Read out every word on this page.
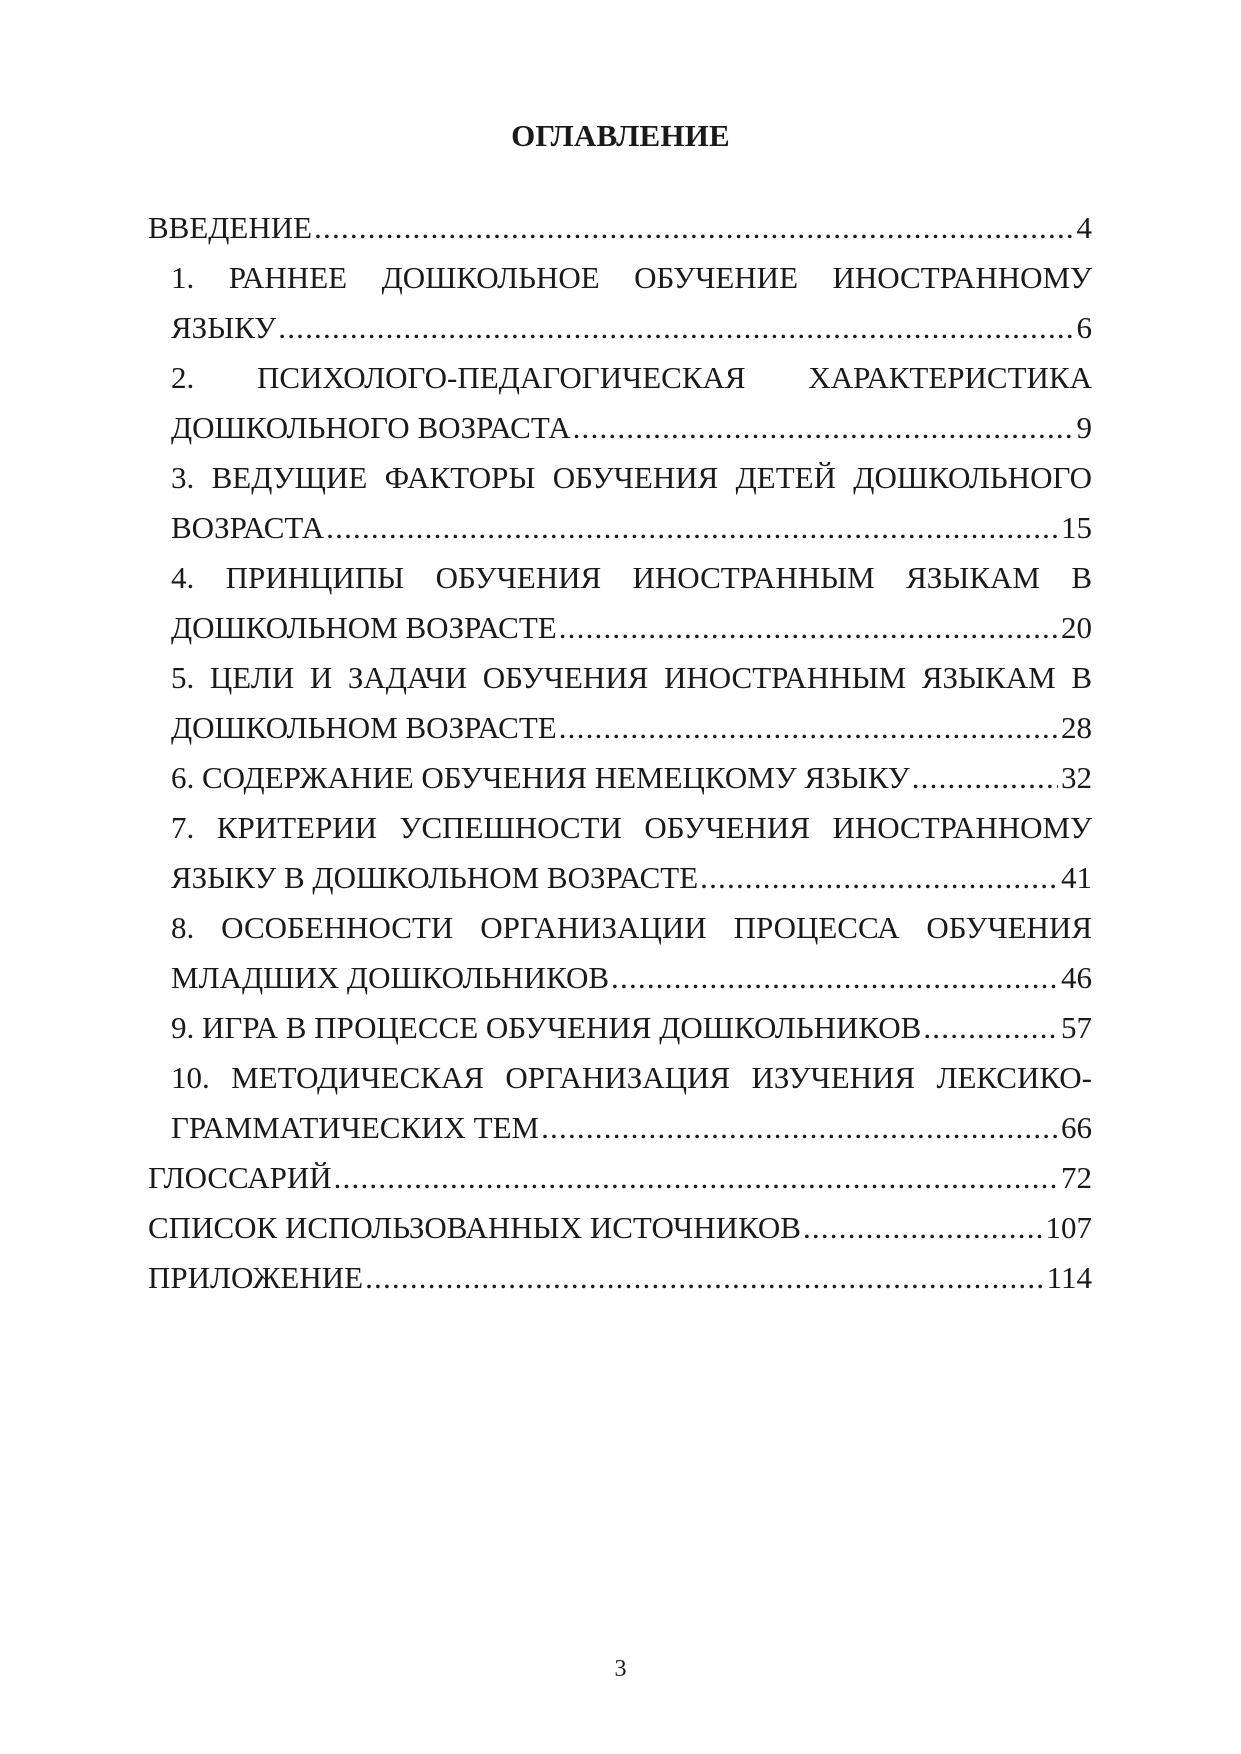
ОГЛАВЛЕНИЕ
ВВЕДЕНИЕ .....	4
1. РАННЕЕ ДОШКОЛЬНОЕ ОБУЧЕНИЕ ИНОСТРАННОМУ
ЯЗЫКУ .....	6
2. ПСИХОЛОГО-ПЕДАГОГИЧЕСКАЯ ХАРАКТЕРИСТИКА
ДОШКОЛЬНОГО ВОЗРАСТА .....	9
3. ВЕДУЩИЕ ФАКТОРЫ ОБУЧЕНИЯ ДЕТЕЙ ДОШКОЛЬНОГО
ВОЗРАСТА .....	15
4. ПРИНЦИПЫ ОБУЧЕНИЯ ИНОСТРАННЫМ ЯЗЫКАМ В
ДОШКОЛЬНОМ ВОЗРАСТЕ .....	20
5. ЦЕЛИ И ЗАДАЧИ ОБУЧЕНИЯ ИНОСТРАННЫМ ЯЗЫКАМ В
ДОШКОЛЬНОМ ВОЗРАСТЕ .....	28
6. СОДЕРЖАНИЕ ОБУЧЕНИЯ НЕМЕЦКОМУ ЯЗЫКУ .....	32
7. КРИТЕРИИ УСПЕШНОСТИ ОБУЧЕНИЯ ИНОСТРАННОМУ
ЯЗЫКУ В ДОШКОЛЬНОМ ВОЗРАСТЕ .....	41
8. ОСОБЕННОСТИ ОРГАНИЗАЦИИ ПРОЦЕССА ОБУЧЕНИЯ
МЛАДШИХ ДОШКОЛЬНИКОВ .....	46
9. ИГРА В ПРОЦЕССЕ ОБУЧЕНИЯ ДОШКОЛЬНИКОВ .....	57
10. МЕТОДИЧЕСКАЯ ОРГАНИЗАЦИЯ ИЗУЧЕНИЯ ЛЕКСИКО-
ГРАММАТИЧЕСКИХ ТЕМ .....	66
ГЛОССАРИЙ .....	72
СПИСОК ИСПОЛЬЗОВАННЫХ ИСТОЧНИКОВ .....	107
ПРИЛОЖЕНИЕ .....	114
3
